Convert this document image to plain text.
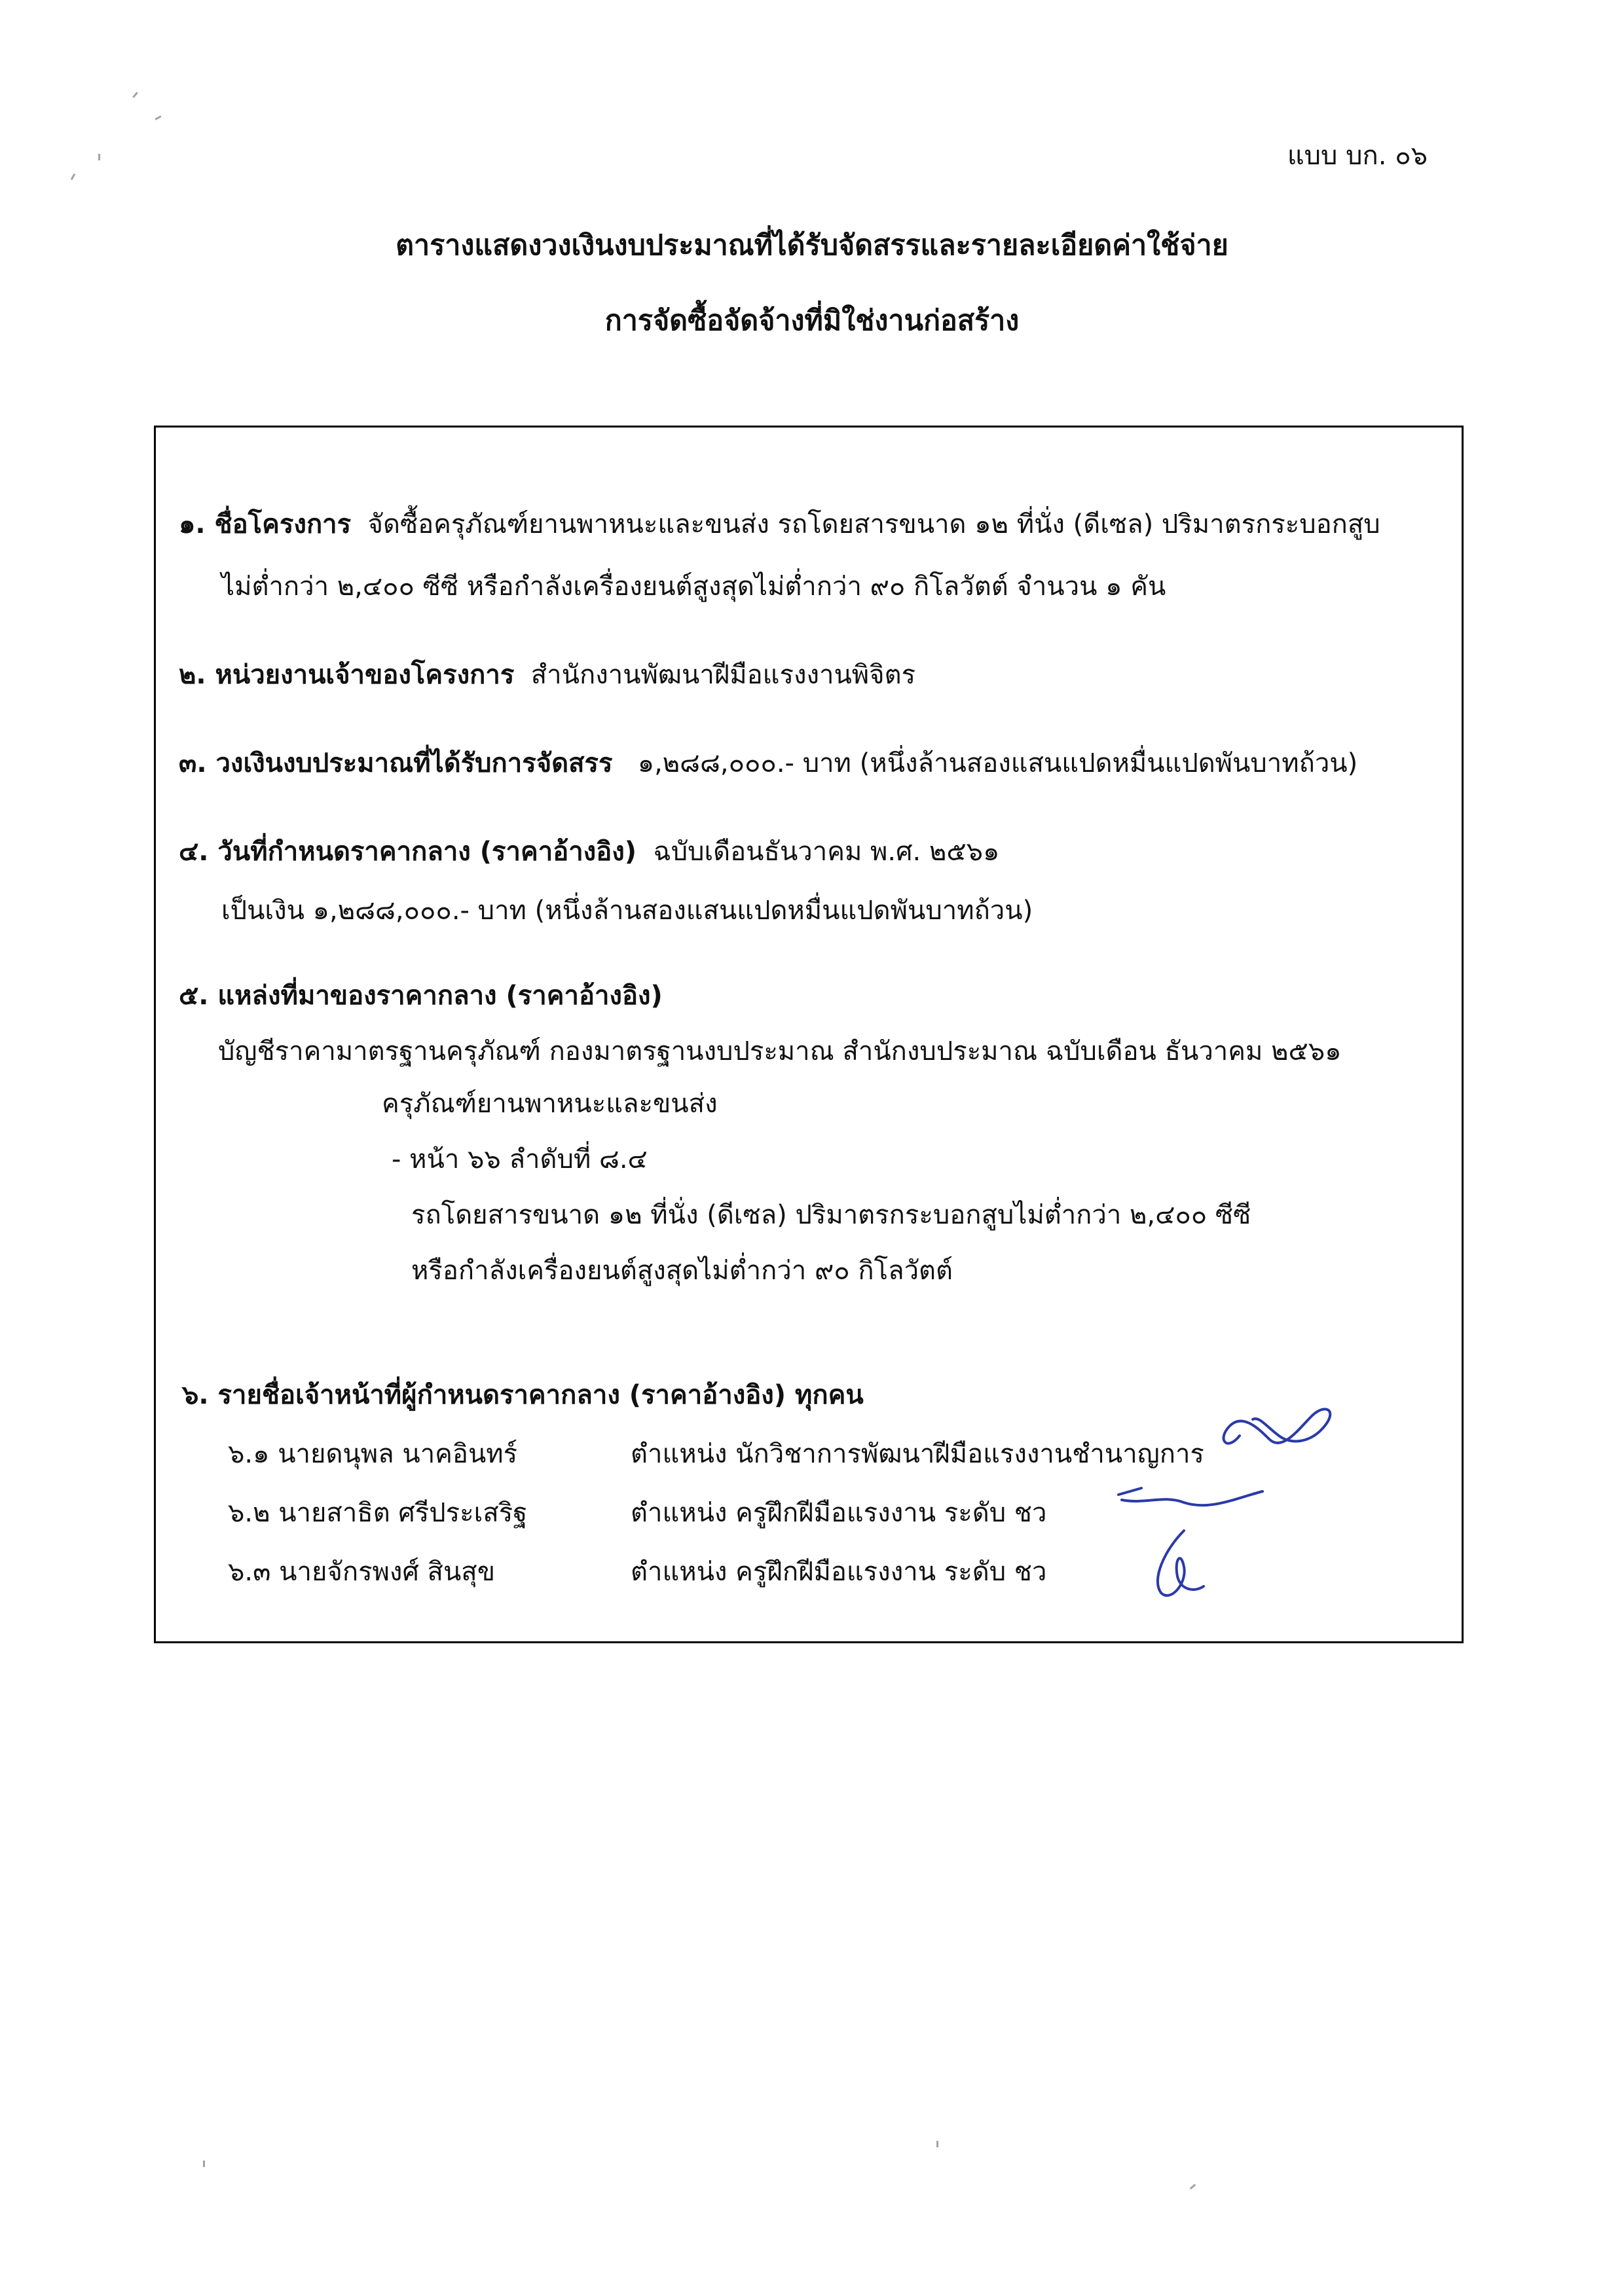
แบบ บก. ๐๖
ตารางแสดงวงเงินงบประมาณที่ได้รับจัดสรรและรายละเอียดค่าใช้จ่าย
การจัดซื้อจัดจ้างที่มิใช่งานก่อสร้าง
๑. ชื่อโครงการ จัดซื้อครุภัณฑ์ยานพาหนะและขนส่ง รถโดยสารขนาด ๑๒ ที่นั่ง (ดีเซล) ปริมาตรกระบอกสูบ
ไม่ต่ำกว่า ๒,๔๐๐ ซีซี หรือกำลังเครื่องยนต์สูงสุดไม่ต่ำกว่า ๙๐ กิโลวัตต์ จำนวน ๑ คัน
๒. หน่วยงานเจ้าของโครงการ สำนักงานพัฒนาฝีมือแรงงานพิจิตร
๓. วงเงินงบประมาณที่ได้รับการจัดสรร ๑,๒๘๘,๐๐๐.- บาท (หนึ่งล้านสองแสนแปดหมื่นแปดพันบาทถ้วน)
๔. วันที่กำหนดราคากลาง (ราคาอ้างอิง) ฉบับเดือนธันวาคม พ.ศ. ๒๕๖๑
เป็นเงิน ๑,๒๘๘,๐๐๐.- บาท (หนึ่งล้านสองแสนแปดหมื่นแปดพันบาทถ้วน)
๕. แหล่งที่มาของราคากลาง (ราคาอ้างอิง)
บัญชีราคามาตรฐานครุภัณฑ์ กองมาตรฐานงบประมาณ สำนักงบประมาณ ฉบับเดือน ธันวาคม ๒๕๖๑
ครุภัณฑ์ยานพาหนะและขนส่ง
- หน้า ๖๖ ลำดับที่ ๘.๔
รถโดยสารขนาด ๑๒ ที่นั่ง (ดีเซล) ปริมาตรกระบอกสูบไม่ต่ำกว่า ๒,๔๐๐ ซีซี
หรือกำลังเครื่องยนต์สูงสุดไม่ต่ำกว่า ๙๐ กิโลวัตต์
๖. รายชื่อเจ้าหน้าที่ผู้กำหนดราคากลาง (ราคาอ้างอิง) ทุกคน
๖.๑ นายดนุพล นาคอินทร์	ตำแหน่ง นักวิชาการพัฒนาฝีมือแรงงานชำนาญการ
๖.๒ นายสาธิต ศรีประเสริฐ	ตำแหน่ง ครูฝึกฝีมือแรงงาน ระดับ ชว
๖.๓ นายจักรพงศ์ สินสุข	ตำแหน่ง ครูฝึกฝีมือแรงงาน ระดับ ชว
